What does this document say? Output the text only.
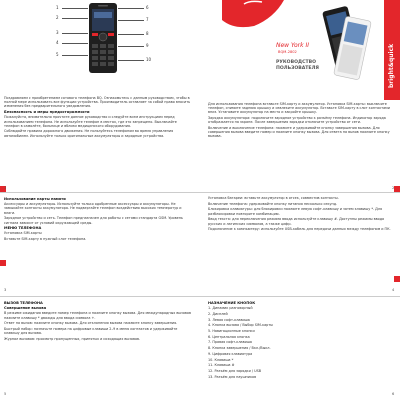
1
2
3
4
5
6
7
8
9
10
New York II
BQM-2802
РУКОВОДСТВО
ПОЛЬЗОВАТЕЛЯ	bright&quick

Поздравляем с приобретением сотового телефона BQ. Ознакомьтесь с данным руководством, чтобы в полной мере использовать все функции устройства. Производитель оставляет за собой право вносить изменения без предварительного уведомления.

Безопасность и меры предосторожности

Пожалуйста, внимательно прочтите данное руководство и следуйте всем инструкциям перед использованием телефона. Не используйте телефон в местах, где это запрещено. Выключайте телефон в самолёте, больнице и вблизи медицинского оборудования.

Соблюдайте правила дорожного движения. Не пользуйтесь телефоном во время управления автомобилем. Используйте только оригинальные аккумуляторы и зарядные устройства.

Для использования телефона вставьте SIM-карту и аккумулятор. Установка SIM-карты: выключите телефон, снимите заднюю крышку и извлеките аккумулятор. Вставьте SIM-карту в слот контактами вниз. Установите аккумулятор на место и закройте крышку.

Зарядка аккумулятора: подключите зарядное устройство к разъёму телефона. Индикатор заряда отображается на экране. После завершения зарядки отключите устройство от сети.

Включение и выключение телефона: нажмите и удерживайте кнопку завершения вызова. Для совершения вызова введите номер и нажмите кнопку вызова. Для ответа на вызов нажмите кнопку вызова.

Использование карты памяти

Аксессуары и аккумуляторы. Используйте только одобренные аксессуары и аккумуляторы. Не замыкайте контакты аккумулятора. Не подвергайте телефон воздействию высоких температур и влаги.

Зарядное устройство и сеть. Телефон предназначен для работы с сетями стандарта GSM. Уровень сигнала зависит от условий окружающей среды.

МЕНЮ ТЕЛЕФОНА

Установка SIM-карты

Вставьте SIM-карту в нужный слот телефона.

Установка батареи: вставьте аккумулятор в отсек, совместив контакты.

Включение телефона: удерживайте кнопку питания несколько секунд.

Блокировка клавиатуры: для блокировки нажмите левую софт-клавишу и затем клавишу *. Для разблокировки повторите комбинацию.

Ввод текста: для переключения режима ввода используйте клавишу #. Доступны режимы ввода русских и латинских символов, а также цифр.

Подключение к компьютеру: используйте USB-кабель для передачи данных между телефоном и ПК.

ВЫЗОВ ТЕЛЕФОНА

Совершение вызова

В режиме ожидания введите номер телефона и нажмите кнопку вызова. Для международных вызовов нажмите клавишу * дважды для ввода символа +.

Ответ на вызов: нажмите кнопку вызова. Для отклонения вызова нажмите кнопку завершения.

Быстрый набор: назначьте номера на цифровые клавиши 2–9 в меню контактов и удерживайте клавишу для вызова.

Журнал вызовов: просмотр пропущенных, принятых и исходящих вызовов.

НАЗНАЧЕНИЕ КНОПОК

1. Динамик разговорный
2. Дисплей
3. Левая софт-клавиша
4. Кнопка вызова / Выбор SIM-карты
5. Навигационные кнопки
6. Центральная кнопка
7. Правая софт-клавиша
8. Кнопка завершения / Вкл./Выкл.
9. Цифровая клавиатура
10. Клавиша *
11. Клавиша #
12. Разъём для зарядки / USB
13. Разъём для наушников
1	2
3	4
5	6
